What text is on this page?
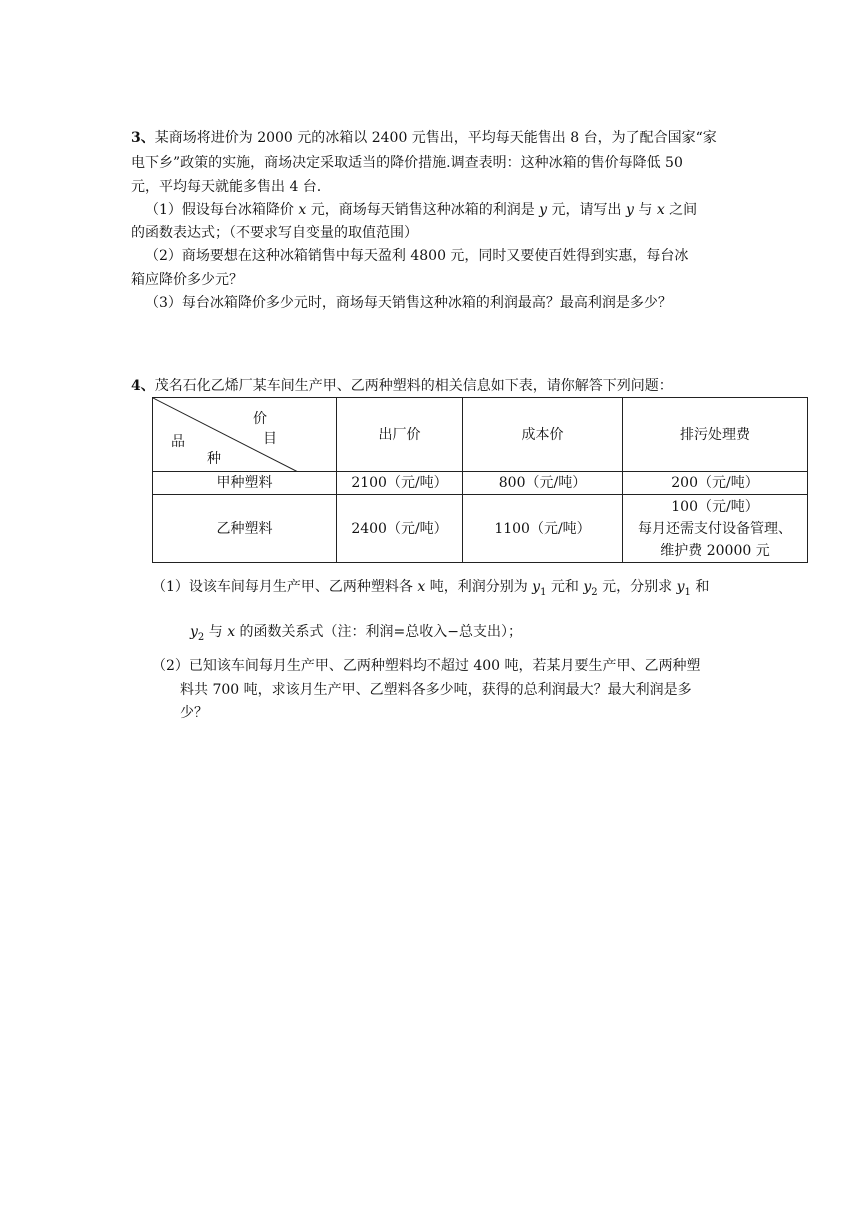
3、某商场将进价为 2000 元的冰箱以 2400 元售出，平均每天能售出 8 台，为了配合国家“家
电下乡”政策的实施，商场决定采取适当的降价措施.调查表明：这种冰箱的售价每降低 50
元，平均每天就能多售出 4 台.
（1）假设每台冰箱降价 x 元，商场每天销售这种冰箱的利润是 y 元，请写出 y 与 x 之间
的函数表达式；（不要求写自变量的取值范围）
（2）商场要想在这种冰箱销售中每天盈利 4800 元，同时又要使百姓得到实惠，每台冰
箱应降价多少元？
（3）每台冰箱降价多少元时，商场每天销售这种冰箱的利润最高？最高利润是多少？
4、茂名石化乙烯厂某车间生产甲、乙两种塑料的相关信息如下表，请你解答下列问题：
价
目
品
种	出厂价	成本价	排污处理费
甲种塑料	2100（元/吨）	800（元/吨）	200（元/吨）
乙种塑料	2400（元/吨）	1100（元/吨）	100（元/吨）
每月还需支付设备管理、
维护费 20000 元
（1）设该车间每月生产甲、乙两种塑料各 x 吨，利润分别为 $y_1$ 元和 $y_2$ 元，分别求 $y_1$ 和
$y_2$ 与 x 的函数关系式（注：利润=总收入−总支出）；
（2）已知该车间每月生产甲、乙两种塑料均不超过 400 吨，若某月要生产甲、乙两种塑
料共 700 吨，求该月生产甲、乙塑料各多少吨，获得的总利润最大？最大利润是多
少？
